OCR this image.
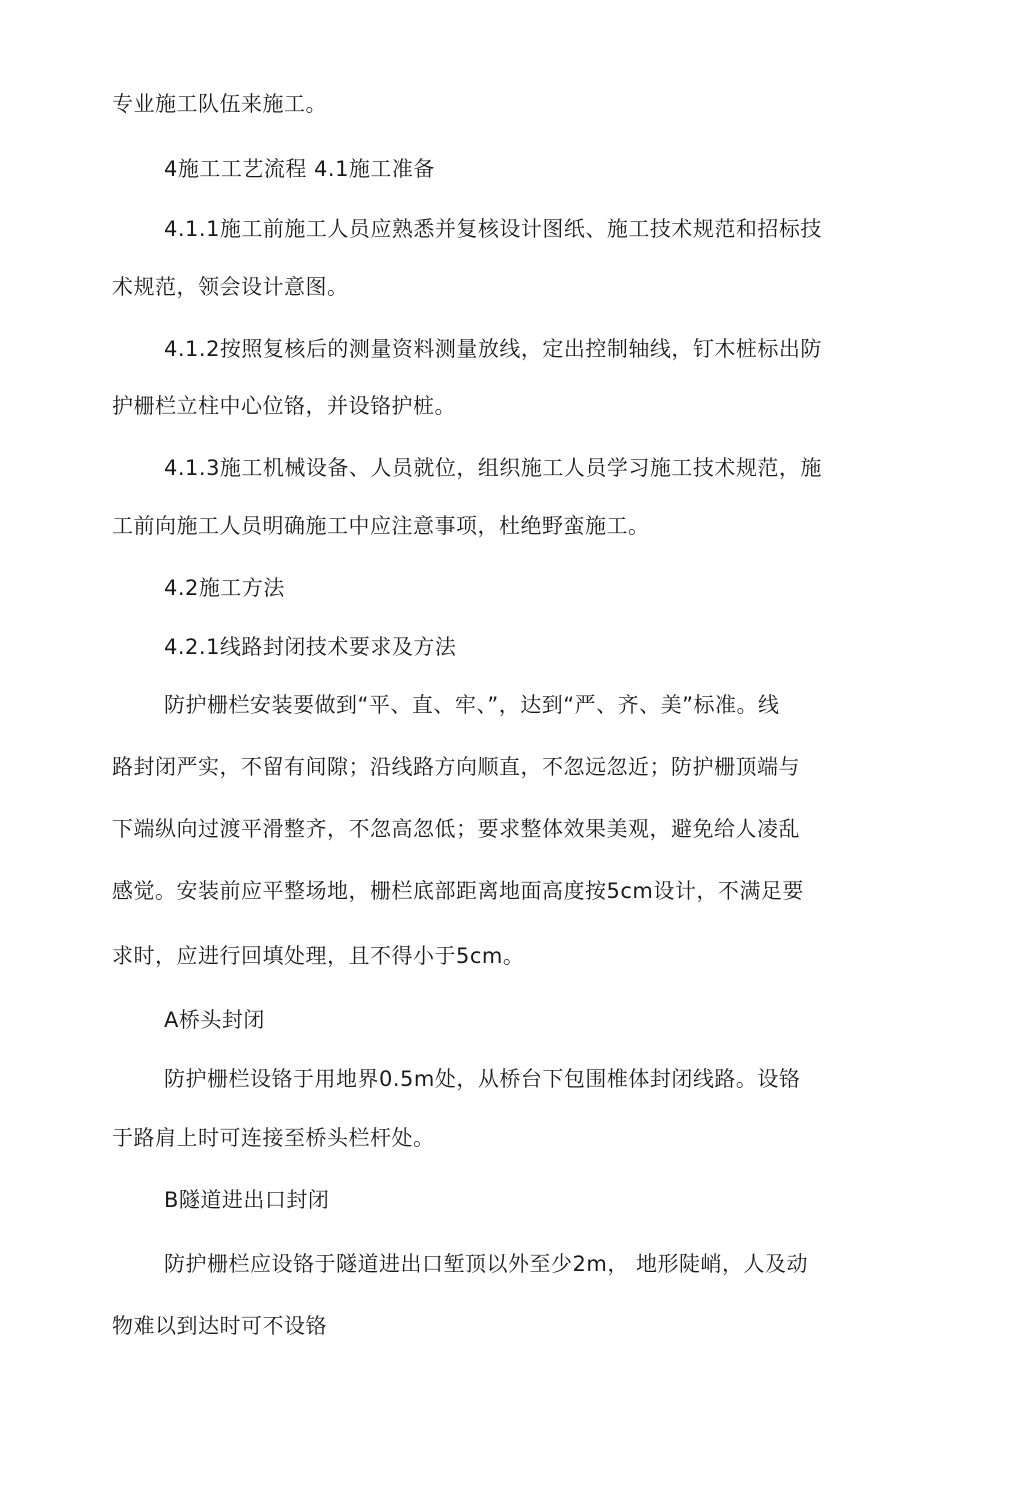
专业施工队伍来施工。
4施工工艺流程 4.1施工准备
4.1.1施工前施工人员应熟悉并复核设计图纸、施工技术规范和招标技
术规范，领会设计意图。
4.1.2按照复核后的测量资料测量放线，定出控制轴线，钉木桩标出防
护栅栏立柱中心位铬，并设铬护桩。
4.1.3施工机械设备、人员就位，组织施工人员学习施工技术规范，施
工前向施工人员明确施工中应注意事项，杜绝野蛮施工。
4.2施工方法
4.2.1线路封闭技术要求及方法
防护栅栏安装要做到“平、直、牢、”，达到“严、齐、美”标准。线
路封闭严实，不留有间隙；沿线路方向顺直，不忽远忽近；防护栅顶端与
下端纵向过渡平滑整齐，不忽高忽低；要求整体效果美观，避免给人凌乱
感觉。安装前应平整场地，栅栏底部距离地面高度按5cm设计，不满足要
求时，应进行回填处理，且不得小于5cm。
A桥头封闭
防护栅栏设铬于用地界0.5m处，从桥台下包围椎体封闭线路。设铬
于路肩上时可连接至桥头栏杆处。
B隧道进出口封闭
防护栅栏应设铬于隧道进出口堑顶以外至少2m， 地形陡峭，人及动
物难以到达时可不设铬
